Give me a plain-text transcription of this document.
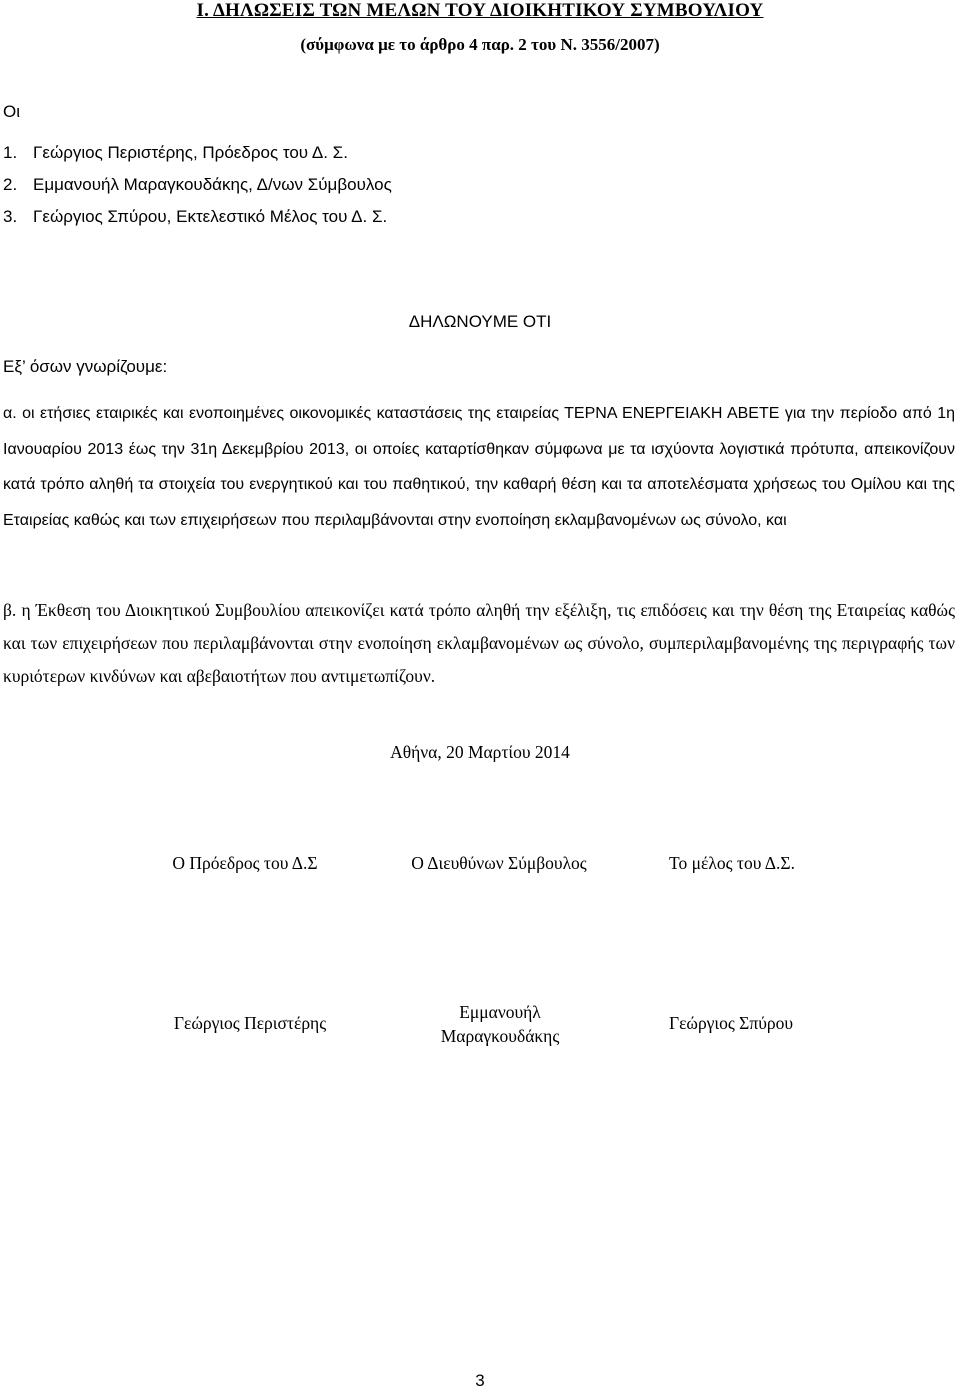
Ι. ΔΗΛΩΣΕΙΣ ΤΩΝ ΜΕΛΩΝ ΤΟΥ ΔΙΟΙΚΗΤΙΚΟΥ ΣΥΜΒΟΥΛΙΟΥ
(σύμφωνα με το άρθρο 4 παρ. 2 του Ν. 3556/2007)
Οι
1. Γεώργιος Περιστέρης, Πρόεδρος του Δ. Σ.
2. Εμμανουήλ Μαραγκουδάκης, Δ/νων Σύμβουλος
3. Γεώργιος Σπύρου, Εκτελεστικό Μέλος του Δ. Σ.
ΔΗΛΩΝΟΥΜΕ ΟΤΙ
Εξ’ όσων γνωρίζουμε:

α. οι ετήσιες εταιρικές και ενοποιημένες οικονομικές καταστάσεις της εταιρείας ΤΕΡΝΑ ΕΝΕΡΓΕΙΑΚΗ ΑΒΕΤΕ για την περίοδο από 1η Ιανουαρίου 2013 έως την 31η Δεκεμβρίου 2013, οι οποίες καταρτίσθηκαν σύμφωνα με τα ισχύοντα λογιστικά πρότυπα, απεικονίζουν κατά τρόπο αληθή τα στοιχεία του ενεργητικού και του παθητικού, την καθαρή θέση και τα αποτελέσματα χρήσεως του Ομίλου και της Εταιρείας καθώς και των επιχειρήσεων που περιλαμβάνονται στην ενοποίηση εκλαμβανομένων ως σύνολο, και

β. η Έκθεση του Διοικητικού Συμβουλίου απεικονίζει κατά τρόπο αληθή την εξέλιξη, τις επιδόσεις και την θέση της Εταιρείας καθώς και των επιχειρήσεων που περιλαμβάνονται στην ενοποίηση εκλαμβανομένων ως σύνολο, συμπεριλαμβανομένης της περιγραφής των κυριότερων κινδύνων και αβεβαιοτήτων που αντιμετωπίζουν.

Αθήνα, 20 Μαρτίου 2014
Ο Πρόεδρος του Δ.Σ	Ο Διευθύνων Σύμβουλος	Το μέλος του Δ.Σ.
Γεώργιος Περιστέρης
Εμμανουήλ Μαραγκουδάκης
Γεώργιος Σπύρου
3
